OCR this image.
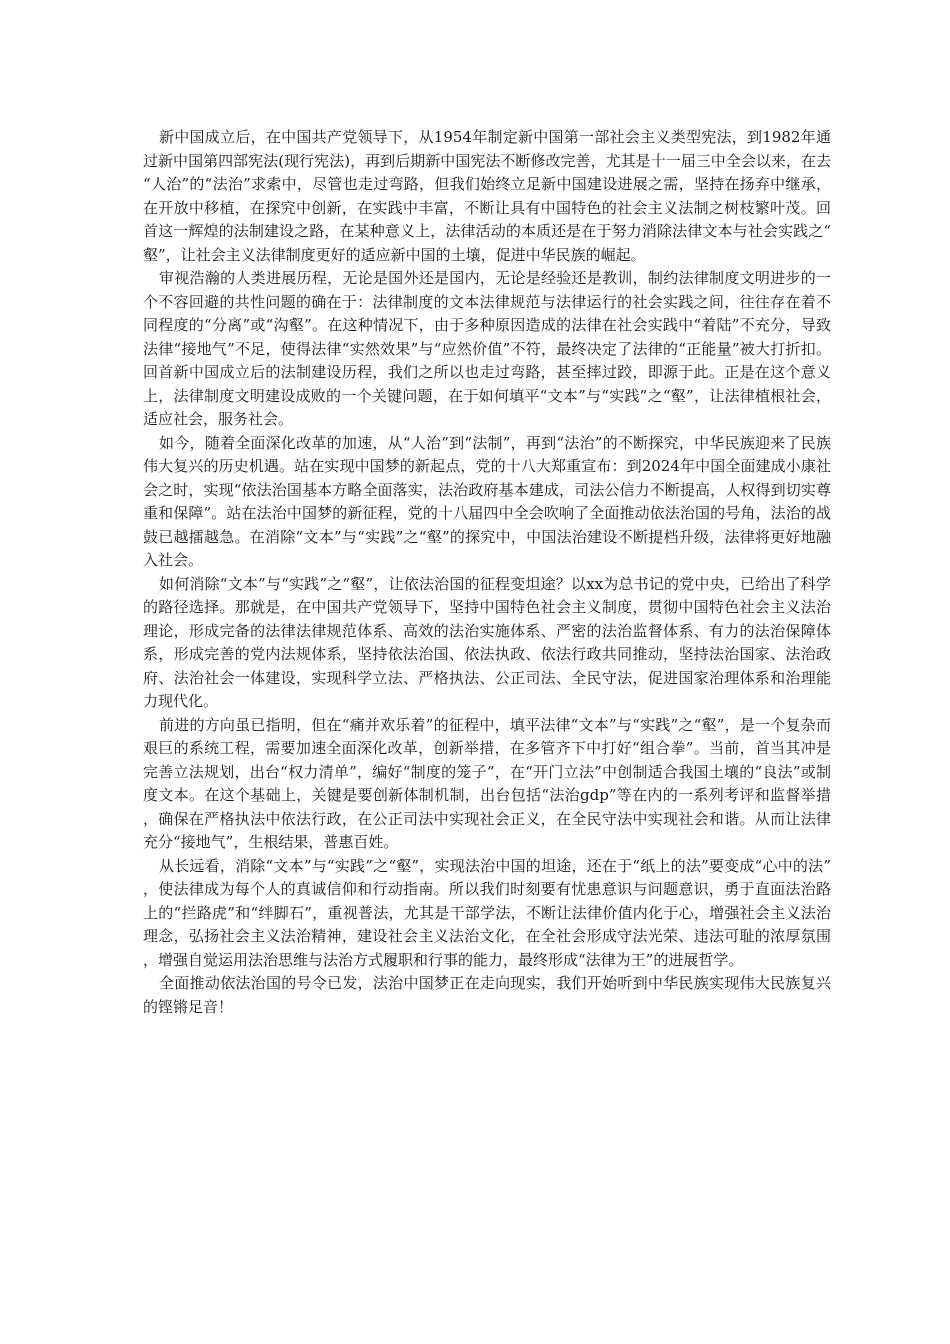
新中国成立后，在中国共产党领导下，从1954年制定新中国第一部社会主义类型宪法，到1982年通过新中国第四部宪法(现行宪法)，再到后期新中国宪法不断修改完善，尤其是十一届三中全会以来，在去“人治”的“法治”求索中，尽管也走过弯路，但我们始终立足新中国建设进展之需，坚持在扬弃中继承，在开放中移植，在探究中创新，在实践中丰富，不断让具有中国特色的社会主义法制之树枝繁叶茂。回首这一辉煌的法制建设之路，在某种意义上，法律活动的本质还是在于努力消除法律文本与社会实践之“壑”，让社会主义法律制度更好的适应新中国的土壤，促进中华民族的崛起。

审视浩瀚的人类进展历程，无论是国外还是国内，无论是经验还是教训，制约法律制度文明进步的一个不容回避的共性问题的确在于：法律制度的文本法律规范与法律运行的社会实践之间，往往存在着不同程度的“分离”或“沟壑”。在这种情况下，由于多种原因造成的法律在社会实践中“着陆”不充分，导致法律“接地气”不足，使得法律“实然效果”与“应然价值”不符，最终决定了法律的“正能量”被大打折扣。回首新中国成立后的法制建设历程，我们之所以也走过弯路，甚至摔过跤，即源于此。正是在这个意义上，法律制度文明建设成败的一个关键问题，在于如何填平“文本”与“实践”之“壑”，让法律植根社会，适应社会，服务社会。

如今，随着全面深化改革的加速，从“人治”到“法制”，再到“法治”的不断探究，中华民族迎来了民族伟大复兴的历史机遇。站在实现中国梦的新起点，党的十八大郑重宣布：到2024年中国全面建成小康社会之时，实现“依法治国基本方略全面落实，法治政府基本建成，司法公信力不断提高，人权得到切实尊重和保障”。站在法治中国梦的新征程，党的十八届四中全会吹响了全面推动依法治国的号角，法治的战鼓已越擂越急。在消除“文本”与“实践”之“壑”的探究中，中国法治建设不断提档升级，法律将更好地融入社会。

如何消除“文本”与“实践”之“壑”，让依法治国的征程变坦途？以xx为总书记的党中央，已给出了科学的路径选择。那就是，在中国共产党领导下，坚持中国特色社会主义制度，贯彻中国特色社会主义法治理论，形成完备的法律法律规范体系、高效的法治实施体系、严密的法治监督体系、有力的法治保障体系，形成完善的党内法规体系，坚持依法治国、依法执政、依法行政共同推动，坚持法治国家、法治政府、法治社会一体建设，实现科学立法、严格执法、公正司法、全民守法，促进国家治理体系和治理能力现代化。

前进的方向虽已指明，但在“痛并欢乐着”的征程中，填平法律“文本”与“实践”之“壑”，是一个复杂而艰巨的系统工程，需要加速全面深化改革，创新举措，在多管齐下中打好“组合拳”。当前，首当其冲是完善立法规划，出台“权力清单”，编好“制度的笼子”，在“开门立法”中创制适合我国土壤的“良法”或制度文本。在这个基础上，关键是要创新体制机制，出台包括“法治gdp”等在内的一系列考评和监督举措，确保在严格执法中依法行政，在公正司法中实现社会正义，在全民守法中实现社会和谐。从而让法律充分“接地气”，生根结果，普惠百姓。

从长远看，消除“文本”与“实践”之“壑”，实现法治中国的坦途，还在于“纸上的法”要变成“心中的法”，使法律成为每个人的真诚信仰和行动指南。所以我们时刻要有忧患意识与问题意识，勇于直面法治路上的“拦路虎”和“绊脚石”，重视普法，尤其是干部学法，不断让法律价值内化于心，增强社会主义法治理念，弘扬社会主义法治精神，建设社会主义法治文化，在全社会形成守法光荣、违法可耻的浓厚氛围，增强自觉运用法治思维与法治方式履职和行事的能力，最终形成“法律为王”的进展哲学。

全面推动依法治国的号令已发，法治中国梦正在走向现实，我们开始听到中华民族实现伟大民族复兴的铿锵足音！
